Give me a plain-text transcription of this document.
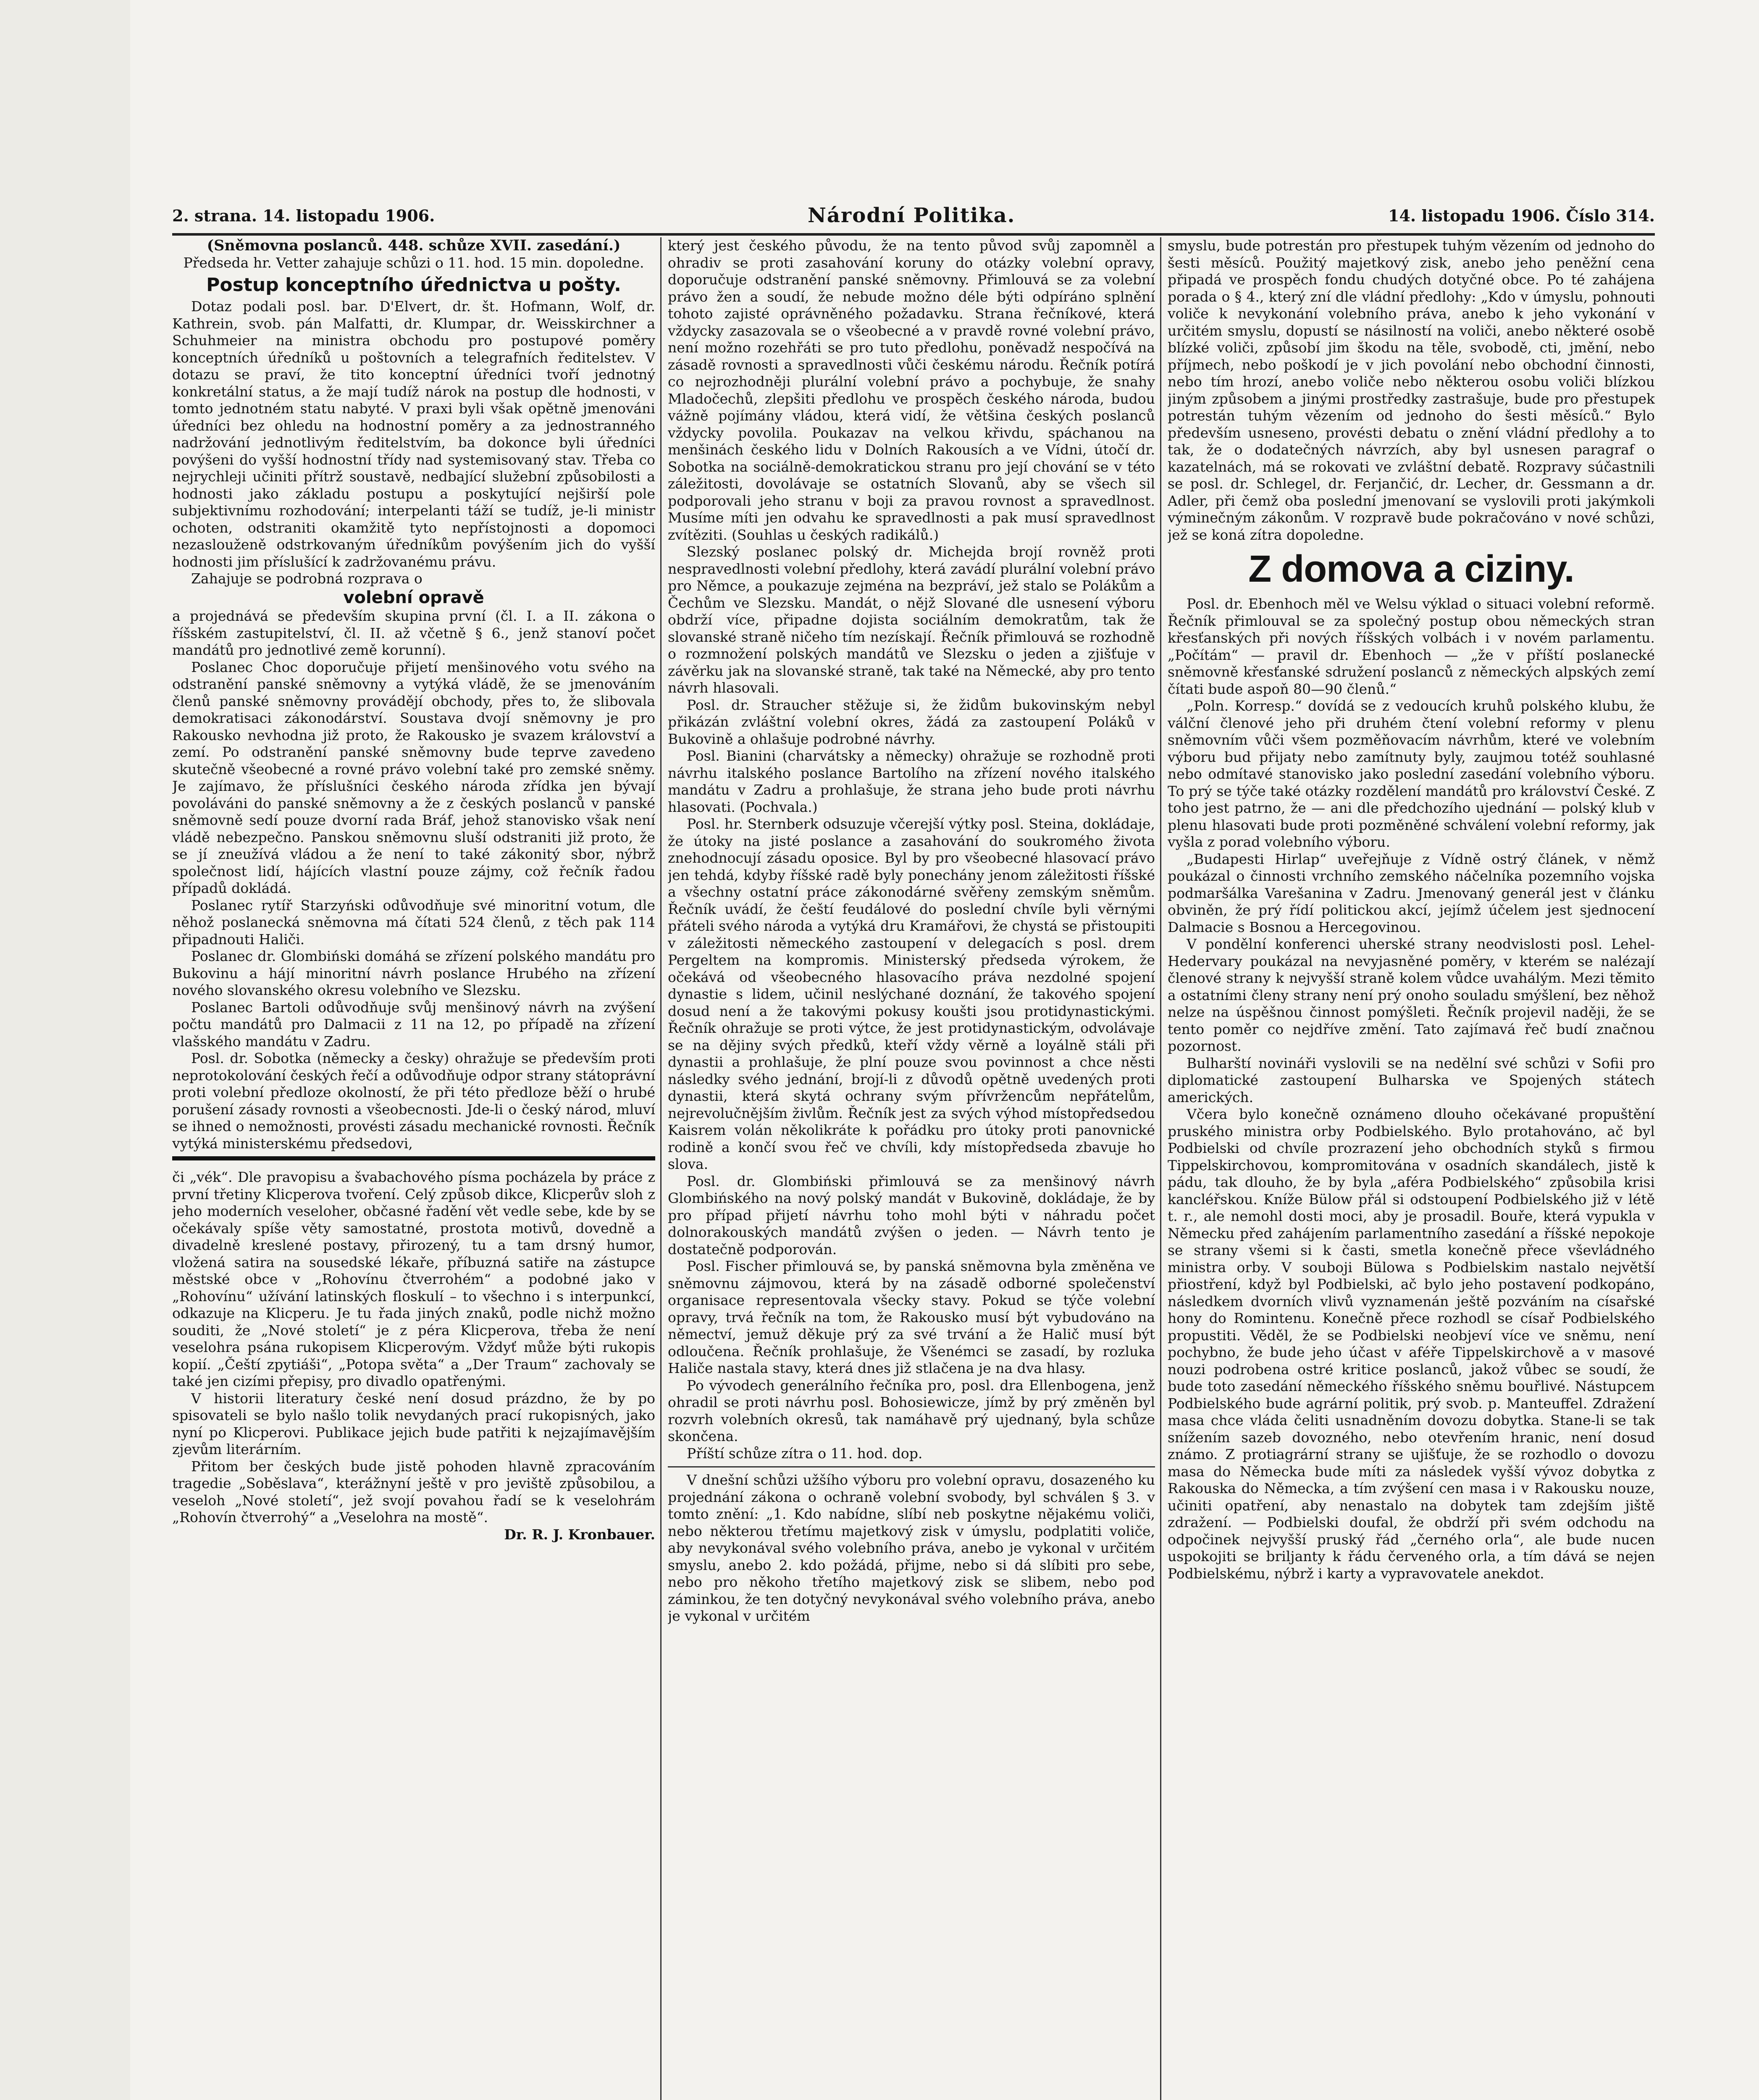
2. strana. 14. listopadu 1906.	Národní Politika.	14. listopadu 1906. Číslo 314.

(Sněmovna poslanců. 448. schůze XVII. zasedání.)

Předseda hr. Vetter zahajuje schůzi o 11. hod. 15 min. dopoledne.

Postup konceptního úřednictva u pošty.

Dotaz podali posl. bar. D'Elvert, dr. št. Hofmann, Wolf, dr. Kathrein, svob. pán Malfatti, dr. Klumpar, dr. Weisskirchner a Schuhmeier na ministra obchodu pro postupové poměry konceptních úředníků u poštovních a telegrafních ředitelstev. V dotazu se praví, že tito konceptní úředníci tvoří jednotný konkretální status, a že mají tudíž nárok na postup dle hodnosti, v tomto jednotném statu nabyté. V praxi byli však opětně jmenováni úředníci bez ohledu na hodnostní poměry a za jednostranného nadržování jednotlivým ředitelstvím, ba dokonce byli úředníci povýšeni do vyšší hodnostní třídy nad systemisovaný stav. Třeba co nejrychleji učiniti přítrž soustavě, nedbající služební způsobilosti a hodnosti jako základu postupu a poskytující nejširší pole subjektivnímu rozhodování; interpelanti táží se tudíž, je-li ministr ochoten, odstraniti okamžitě tyto nepřístojnosti a dopomoci nezaslouženě odstrkovaným úředníkům povýšením jich do vyšší hodnosti jim příslušící k zadržovanému právu.

Zahajuje se podrobná rozprava o

volební opravě

a projednává se především skupina první (čl. I. a II. zákona o říšském zastupitelství, čl. II. až včetně § 6., jenž stanoví počet mandátů pro jednotlivé země korunní).

Poslanec Choc doporučuje přijetí menšinového votu svého na odstranění panské sněmovny a vytýká vládě, že se jmenováním členů panské sněmovny provádějí obchody, přes to, že slibovala demokratisaci zákonodárství. Soustava dvojí sněmovny je pro Rakousko nevhodna již proto, že Rakousko je svazem království a zemí. Po odstranění panské sněmovny bude teprve zavedeno skutečně všeobecné a rovné právo volební také pro zemské sněmy. Je zajímavo, že příslušníci českého národa zřídka jen bývají povoláváni do panské sněmovny a že z českých poslanců v panské sněmovně sedí pouze dvorní rada Bráf, jehož stanovisko však není vládě nebezpečno. Panskou sněmovnu sluší odstraniti již proto, že se jí zneužívá vládou a že není to také zákonitý sbor, nýbrž společnost lidí, hájících vlastní pouze zájmy, což řečník řadou případů dokládá.

Poslanec rytíř Starzyński odůvodňuje své minoritní votum, dle něhož poslanecká sněmovna má čítati 524 členů, z těch pak 114 připadnouti Haliči.

Poslanec dr. Glombiński domáhá se zřízení polského mandátu pro Bukovinu a hájí minoritní návrh poslance Hrubého na zřízení nového slovanského okresu volebního ve Slezsku.

Poslanec Bartoli odůvodňuje svůj menšinový návrh na zvýšení počtu mandátů pro Dalmacii z 11 na 12, po případě na zřízení vlašského mandátu v Zadru.

Posl. dr. Sobotka (německy a česky) ohražuje se především proti neprotokolování českých řečí a odůvodňuje odpor strany státoprávní proti volební předloze okolností, že při této předloze běží o hrubé porušení zásady rovnosti a všeobecnosti. Jde-li o český národ, mluví se ihned o nemožnosti, provésti zásadu mechanické rovnosti. Řečník vytýká ministerskému předsedovi,

či „vék“. Dle pravopisu a švabachového písma pocházela by práce z první třetiny Klicperova tvoření. Celý způsob dikce, Klicperův sloh z jeho moderních veseloher, občasné řadění vět vedle sebe, kde by se očekávaly spíše věty samostatné, prostota motivů, dovedně a divadelně kreslené postavy, přirozený, tu a tam drsný humor, vložená satira na sousedské lékaře, příbuzná satiře na zástupce městské obce v „Rohovínu čtverrohém“ a podobné jako v „Rohovínu“ užívání latinských floskulí – to všechno i s interpunkcí, odkazuje na Klicperu. Je tu řada jiných znaků, podle nichž možno souditi, že „Nové století“ je z péra Klicperova, třeba že není veselohra psána rukopisem Klicperovým. Vždyť může býti rukopis kopií. „Čeští zpytiáši“, „Potopa světa“ a „Der Traum“ zachovaly se také jen cizími přepisy, pro divadlo opatřenými.

V historii literatury české není dosud prázdno, že by po spisovateli se bylo našlo tolik nevydaných prací rukopisných, jako nyní po Klicperovi. Publikace jejich bude patřiti k nejzajímavějším zjevům literárním.

Přitom ber českých bude jistě pohoden hlavně zpracováním tragedie „Soběslava“, kterážnyní ještě v pro jeviště způsobilou, a veseloh „Nové století“, jež svojí povahou řadí se k veselohrám „Rohovín čtverrohý“ a „Veselohra na mostě“.

Dr. R. J. Kronbauer.

který jest českého původu, že na tento původ svůj zapomněl a ohradiv se proti zasahování koruny do otázky volební opravy, doporučuje odstranění panské sněmovny. Přimlouvá se za volební právo žen a soudí, že nebude možno déle býti odpíráno splnění tohoto zajisté oprávněného požadavku. Strana řečníkové, která vždycky zasazovala se o všeobecné a v pravdě rovné volební právo, není možno rozehřáti se pro tuto předlohu, poněvadž nespočívá na zásadě rovnosti a spravedlnosti vůči českému národu. Řečník potírá co nejrozhodněji plurální volební právo a pochybuje, že snahy Mladočechů, zlepšiti předlohu ve prospěch českého národa, budou vážně pojímány vládou, která vidí, že většina českých poslanců vždycky povolila. Poukazav na velkou křivdu, spáchanou na menšinách českého lidu v Dolních Rakousích a ve Vídni, útočí dr. Sobotka na sociálně-demokratickou stranu pro její chování se v této záležitosti, dovolávaje se ostatních Slovanů, aby se všech sil podporovali jeho stranu v boji za pravou rovnost a spravedlnost. Musíme míti jen odvahu ke spravedlnosti a pak musí spravedlnost zvítěziti. (Souhlas u českých radikálů.)

Slezský poslanec polský dr. Michejda brojí rovněž proti nespravedlnosti volební předlohy, která zavádí plurální volební právo pro Němce, a poukazuje zejména na bezpráví, jež stalo se Polákům a Čechům ve Slezsku. Mandát, o nějž Slované dle usnesení výboru obdrží více, připadne dojista sociálním demokratům, tak že slovanské straně ničeho tím nezískají. Řečník přimlouvá se rozhodně o rozmnožení polských mandátů ve Slezsku o jeden a zjišťuje v závěrku jak na slovanské straně, tak také na Německé, aby pro tento návrh hlasovali.

Posl. dr. Straucher stěžuje si, že židům bukovinským nebyl přikázán zvláštní volební okres, žádá za zastoupení Poláků v Bukovině a ohlašuje podrobné návrhy.

Posl. Bianini (charvátsky a německy) ohražuje se rozhodně proti návrhu italského poslance Bartolího na zřízení nového italského mandátu v Zadru a prohlašuje, že strana jeho bude proti návrhu hlasovati. (Pochvala.)

Posl. hr. Sternberk odsuzuje včerejší výtky posl. Steina, dokládaje, že útoky na jisté poslance a zasahování do soukromého života znehodnocují zásadu oposice. Byl by pro všeobecné hlasovací právo jen tehdá, kdyby říšské radě byly ponechány jenom záležitosti říšské a všechny ostatní práce zákonodárné svěřeny zemským sněmům. Řečník uvádí, že čeští feudálové do poslední chvíle byli věrnými přáteli svého národa a vytýká dru Kramářovi, že chystá se přistoupiti v záležitosti německého zastoupení v delegacích s posl. drem Pergeltem na kompromis. Ministerský předseda výrokem, že očekává od všeobecného hlasovacího práva nezdolné spojení dynastie s lidem, učinil neslýchané doznání, že takového spojení dosud není a že takovými pokusy koušti jsou protidynastickými. Řečník ohražuje se proti výtce, že jest protidynastickým, odvolávaje se na dějiny svých předků, kteří vždy věrně a loyálně stáli při dynastii a prohlašuje, že plní pouze svou povinnost a chce něsti následky svého jednání, brojí-li z důvodů opětně uvedených proti dynastii, která skytá ochrany svým přívržencům nepřátelům, nejrevolučnějším živlům. Řečník jest za svých výhod místopředsedou Kaisrem volán několikráte k pořádku pro útoky proti panovnické rodině a končí svou řeč ve chvíli, kdy místopředseda zbavuje ho slova.

Posl. dr. Glombiński přimlouvá se za menšinový návrh Glombińského na nový polský mandát v Bukovině, dokládaje, že by pro případ přijetí návrhu toho mohl býti v náhradu počet dolnorakouských mandátů zvýšen o jeden. — Návrh tento je dostatečně podporován.

Posl. Fischer přimlouvá se, by panská sněmovna byla změněna ve sněmovnu zájmovou, která by na zásadě odborné společenství organisace representovala všecky stavy. Pokud se týče volební opravy, trvá řečník na tom, že Rakousko musí být vybudováno na němectví, jemuž děkuje prý za své trvání a že Halič musí být odloučena. Řečník prohlašuje, že Všenémci se zasadí, by rozluka Haliče nastala stavy, která dnes již stlačena je na dva hlasy.

Po vývodech generálního řečníka pro, posl. dra Ellenbogena, jenž ohradil se proti návrhu posl. Bohosiewicze, jímž by prý změněn byl rozvrh volebních okresů, tak namáhavě prý ujednaný, byla schůze skončena.

Příští schůze zítra o 11. hod. dop.

V dnešní schůzi užšího výboru pro volební opravu, dosazeného ku projednání zákona o ochraně volební svobody, byl schválen § 3. v tomto znění: „1. Kdo nabídne, slíbí neb poskytne nějakému voliči, nebo některou třetímu majetkový zisk v úmyslu, podplatiti voliče, aby nevykonával svého volebního práva, anebo je vykonal v určitém smyslu, anebo 2. kdo požádá, přijme, nebo si dá slíbiti pro sebe, nebo pro někoho třetího majetkový zisk se slibem, nebo pod záminkou, že ten dotyčný nevykonával svého volebního práva, anebo je vykonal v určitém

smyslu, bude potrestán pro přestupek tuhým vězením od jednoho do šesti měsíců. Použitý majetkový zisk, anebo jeho peněžní cena připadá ve prospěch fondu chudých dotyčné obce. Po té zahájena porada o § 4., který zní dle vládní předlohy: „Kdo v úmyslu, pohnouti voliče k nevykonání volebního práva, anebo k jeho vykonání v určitém smyslu, dopustí se násilností na voliči, anebo některé osobě blízké voliči, způsobí jim škodu na těle, svobodě, cti, jmění, nebo příjmech, nebo poškodí je v jich povolání nebo obchodní činnosti, nebo tím hrozí, anebo voliče nebo některou osobu voliči blízkou jiným způsobem a jinými prostředky zastrašuje, bude pro přestupek potrestán tuhým vězením od jednoho do šesti měsíců.“ Bylo především usneseno, provésti debatu o znění vládní předlohy a to tak, že o dodatečných návrzích, aby byl usnesen paragraf o kazatelnách, má se rokovati ve zvláštní debatě. Rozpravy súčastnili se posl. dr. Schlegel, dr. Ferjančić, dr. Lecher, dr. Gessmann a dr. Adler, při čemž oba poslední jmenovaní se vyslovili proti jakýmkoli výminečným zákonům. V rozpravě bude pokračováno v nové schůzi, jež se koná zítra dopoledne.

Z domova a ciziny.

Posl. dr. Ebenhoch měl ve Welsu výklad o situaci volební reformě. Řečník přimlouval se za společný postup obou německých stran křesťanských při nových říšských volbách i v novém parlamentu. „Počítám“ — pravil dr. Ebenhoch — „že v příští poslanecké sněmovně křesťanské sdružení poslanců z německých alpských zemí čítati bude aspoň 80—90 členů.“

„Poln. Korresp.“ dovídá se z vedoucích kruhů polského klubu, že válční členové jeho při druhém čtení volební reformy v plenu sněmovním vůči všem pozměňovacím návrhům, které ve volebním výboru bud přijaty nebo zamítnuty byly, zaujmou totéž souhlasné nebo odmítavé stanovisko jako poslední zasedání volebního výboru. To prý se týče také otázky rozdělení mandátů pro království České. Z toho jest patrno, že — ani dle předchozího ujednání — polský klub v plenu hlasovati bude proti pozměněné schválení volební reformy, jak vyšla z porad volebního výboru.

„Budapesti Hirlap“ uveřejňuje z Vídně ostrý článek, v němž poukázal o činnosti vrchního zemského náčelníka pozemního vojska podmaršálka Varešanina v Zadru. Jmenovaný generál jest v článku obviněn, že prý řídí politickou akcí, jejímž účelem jest sjednocení Dalmacie s Bosnou a Hercegovinou.

V pondělní konferenci uherské strany neodvislosti posl. Lehel-Hedervary poukázal na nevyjasněné poměry, v kterém se nalézají členové strany k nejvyšší straně kolem vůdce uvahálým. Mezi těmito a ostatními členy strany není prý onoho souladu smýšlení, bez něhož nelze na úspěšnou činnost pomýšleti. Řečník projevil naději, že se tento poměr co nejdříve změní. Tato zajímavá řeč budí značnou pozornost.

Bulharští novináři vyslovili se na nedělní své schůzi v Sofii pro diplomatické zastoupení Bulharska ve Spojených státech amerických.

Včera bylo konečně oznámeno dlouho očekávané propuštění pruského ministra orby Podbielského. Bylo protahováno, ač byl Podbielski od chvíle prozrazení jeho obchodních styků s firmou Tippelskirchovou, kompromitována v osadních skandálech, jistě k pádu, tak dlouho, že by byla „aféra Podbielského“ způsobila krisi kancléřskou. Kníže Bülow přál si odstoupení Podbielského již v létě t. r., ale nemohl dosti moci, aby je prosadil. Bouře, která vypukla v Německu před zahájením parlamentního zasedání a říšské nepokoje se strany všemi si k časti, smetla konečně přece vševládného ministra orby. V souboji Bülowa s Podbielskim nastalo největší přiostření, když byl Podbielski, ač bylo jeho postavení podkopáno, následkem dvorních vlivů vyznamenán ještě pozváním na císařské hony do Romintenu. Konečně přece rozhodl se císař Podbielského propustiti. Věděl, že se Podbielski neobjeví více ve sněmu, není pochybno, že bude jeho účast v aféře Tippelskirchově a v masové nouzi podrobena ostré kritice poslanců, jakož vůbec se soudí, že bude toto zasedání německého říšského sněmu bouřlivé. Nástupcem Podbielského bude agrární politik, prý svob. p. Manteuffel. Zdražení masa chce vláda čeliti usnadněním dovozu dobytka. Stane-li se tak snížením sazeb dovozného, nebo otevřením hranic, není dosud známo. Z protiagrární strany se ujišťuje, že se rozhodlo o dovozu masa do Německa bude míti za následek vyšší vývoz dobytka z Rakouska do Německa, a tím zvýšení cen masa i v Rakousku nouze, učiniti opatření, aby nenastalo na dobytek tam zdejším jiště zdražení. — Podbielski doufal, že obdrží při svém odchodu na odpočinek nejvyšší pruský řád „černého orla“, ale bude nucen uspokojiti se briljanty k řádu červeného orla, a tím dává se nejen Podbielskému, nýbrž i karty a vypravovatele anekdot.
